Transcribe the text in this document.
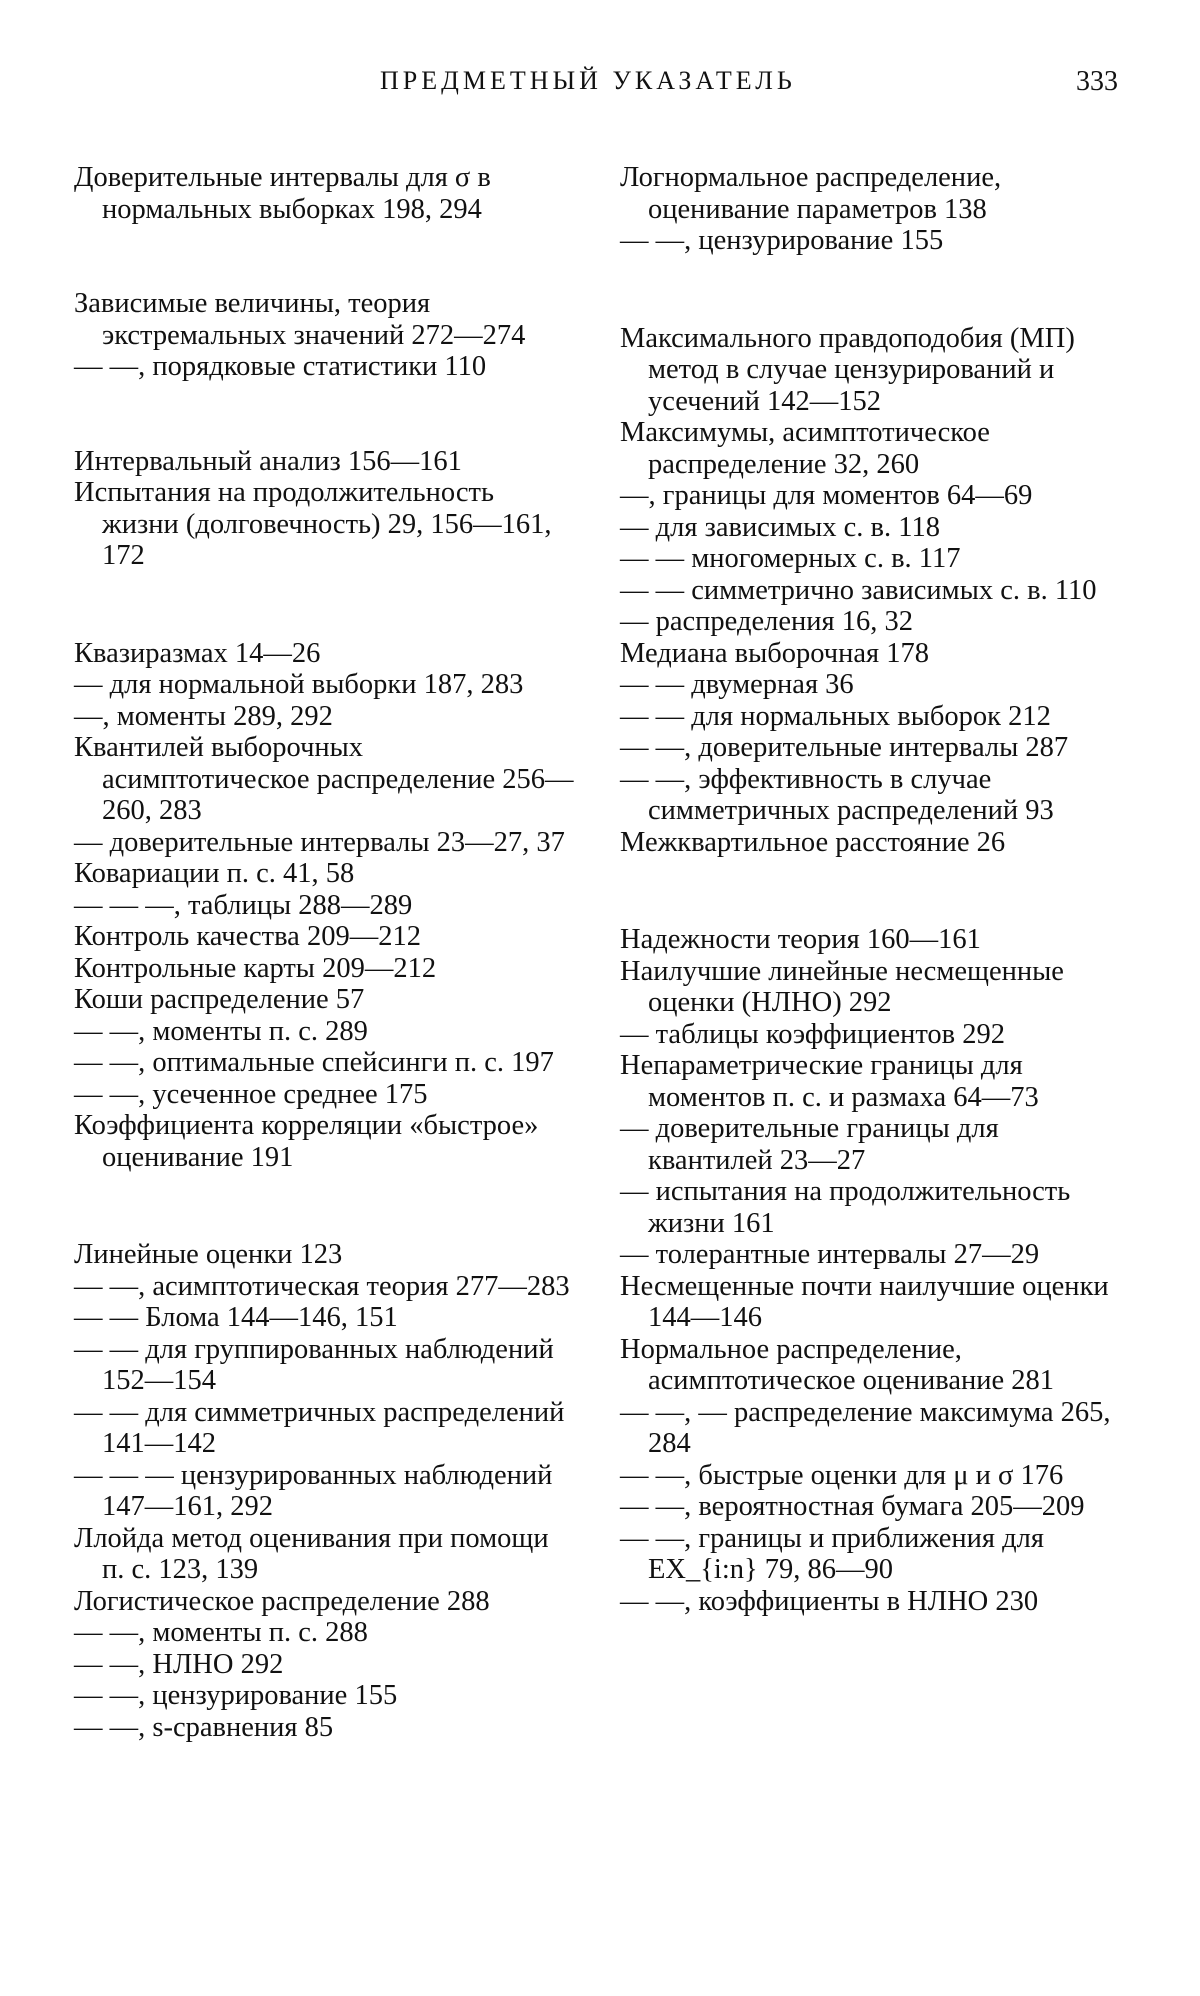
ПРЕДМЕТНЫЙ УКАЗАТЕЛЬ	333

Доверительные интервалы для σ в нормальных выборках 198, 294

Зависимые величины, теория экстремальных значений 272—274

— —, порядковые статистики 110

Интервальный анализ 156—161

Испытания на продолжительность жизни (долговечность) 29, 156—161, 172

Квазиразмах 14—26

— для нормальной выборки 187, 283

—, моменты 289, 292

Квантилей выборочных асимптотическое распределение 256—260, 283

— доверительные интервалы 23—27, 37

Ковариации п. с. 41, 58

— — —, таблицы 288—289

Контроль качества 209—212

Контрольные карты 209—212

Коши распределение 57

— —, моменты п. с. 289

— —, оптимальные спейсинги п. с. 197

— —, усеченное среднее 175

Коэффициента корреляции «быстрое» оценивание 191

Линейные оценки 123

— —, асимптотическая теория 277—283

— — Блома 144—146, 151

— — для группированных наблюдений 152—154

— — для симметричных распределений 141—142

— — — цензурированных наблюдений 147—161, 292

Ллойда метод оценивания при помощи п. с. 123, 139

Логистическое распределение 288

— —, моменты п. с. 288

— —, НЛНО 292

— —, цензурирование 155

— —, s-сравнения 85

Логнормальное распределение, оценивание параметров 138

— —, цензурирование 155

Максимального правдоподобия (МП) метод в случае цензурирований и усечений 142—152

Максимумы, асимптотическое распределение 32, 260

—, границы для моментов 64—69

— для зависимых с. в. 118

— — многомерных с. в. 117

— — симметрично зависимых с. в. 110

— распределения 16, 32

Медиана выборочная 178

— — двумерная 36

— — для нормальных выборок 212

— —, доверительные интервалы 287

— —, эффективность в случае симметричных распределений 93

Межквартильное расстояние 26

Надежности теория 160—161

Наилучшие линейные несмещенные оценки (НЛНО) 292

— таблицы коэффициентов 292

Непараметрические границы для моментов п. с. и размаха 64—73

— доверительные границы для квантилей 23—27

— испытания на продолжительность жизни 161

— толерантные интервалы 27—29

Несмещенные почти наилучшие оценки 144—146

Нормальное распределение, асимптотическое оценивание 281

— —, — распределение максимума 265, 284

— —, быстрые оценки для μ и σ 176

— —, вероятностная бумага 205—209

— —, границы и приближения для EX_{i:n} 79, 86—90

— —, коэффициенты в НЛНО 230
